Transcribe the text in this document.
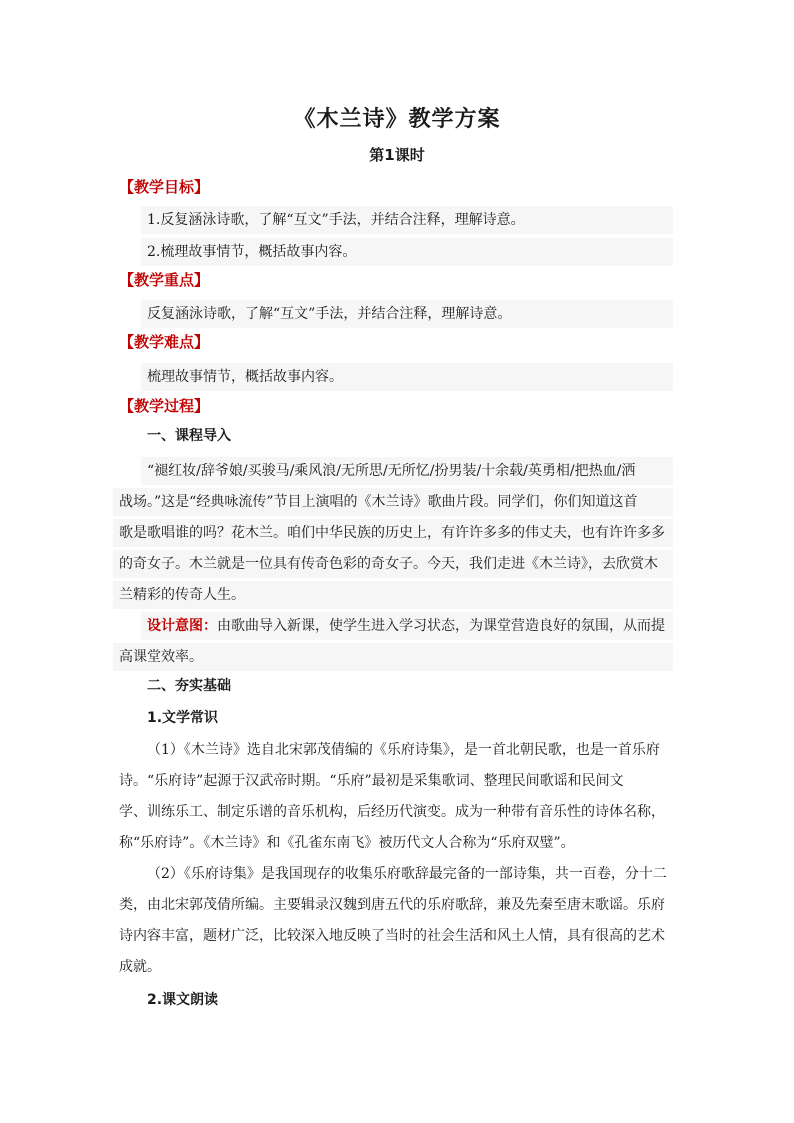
《木兰诗》教学方案
第1课时
【教学目标】
1.反复涵泳诗歌，了解“互文”手法，并结合注释，理解诗意。
2.梳理故事情节，概括故事内容。
【教学重点】
反复涵泳诗歌，了解“互文”手法，并结合注释，理解诗意。
【教学难点】
梳理故事情节，概括故事内容。
【教学过程】
一、课程导入
“褪红妆/辞爷娘/买骏马/乘风浪/无所思/无所忆/扮男装/十余载/英勇相/把热血/洒
战场。”这是“经典咏流传”节目上演唱的《木兰诗》歌曲片段。同学们，你们知道这首
歌是歌唱谁的吗？花木兰。咱们中华民族的历史上，有许许多多的伟丈夫，也有许许多多
的奇女子。木兰就是一位具有传奇色彩的奇女子。今天，我们走进《木兰诗》，去欣赏木
兰精彩的传奇人生。
设计意图：由歌曲导入新课，使学生进入学习状态，为课堂营造良好的氛围，从而提
高课堂效率。
二、夯实基础
1.文学常识
（1）《木兰诗》选自北宋郭茂倩编的《乐府诗集》，是一首北朝民歌，也是一首乐府
诗。“乐府诗”起源于汉武帝时期。“乐府”最初是采集歌词、整理民间歌谣和民间文
学、训练乐工、制定乐谱的音乐机构，后经历代演变。成为一种带有音乐性的诗体名称，
称“乐府诗”。《木兰诗》和《孔雀东南飞》被历代文人合称为“乐府双璧”。
（2）《乐府诗集》是我国现存的收集乐府歌辞最完备的一部诗集，共一百卷，分十二
类，由北宋郭茂倩所编。主要辑录汉魏到唐五代的乐府歌辞，兼及先秦至唐末歌谣。乐府
诗内容丰富，题材广泛，比较深入地反映了当时的社会生活和风土人情，具有很高的艺术
成就。
2.课文朗读
